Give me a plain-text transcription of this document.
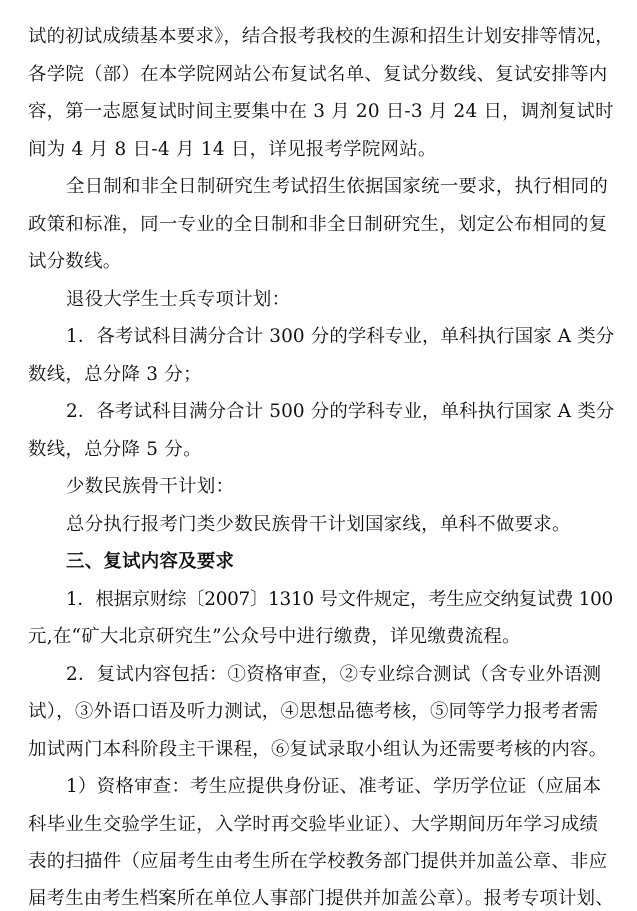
试的初试成绩基本要求》，结合报考我校的生源和招生计划安排等情况，
各学院（部）在本学院网站公布复试名单、复试分数线、复试安排等内
容，第一志愿复试时间主要集中在 3 月 20 日-3 月 24 日，调剂复试时
间为 4 月 8 日-4 月 14 日，详见报考学院网站。
全日制和非全日制研究生考试招生依据国家统一要求，执行相同的
政策和标准，同一专业的全日制和非全日制研究生，划定公布相同的复
试分数线。
退役大学生士兵专项计划：
1．各考试科目满分合计 300 分的学科专业，单科执行国家 A 类分
数线，总分降 3 分；
2．各考试科目满分合计 500 分的学科专业，单科执行国家 A 类分
数线，总分降 5 分。
少数民族骨干计划：
总分执行报考门类少数民族骨干计划国家线，单科不做要求。
三、复试内容及要求
1．根据京财综〔2007〕1310 号文件规定，考生应交纳复试费 100
元,在“矿大北京研究生”公众号中进行缴费，详见缴费流程。
2．复试内容包括：①资格审查，②专业综合测试（含专业外语测
试），③外语口语及听力测试，④思想品德考核，⑤同等学力报考者需
加试两门本科阶段主干课程，⑥复试录取小组认为还需要考核的内容。
1）资格审查：考生应提供身份证、准考证、学历学位证（应届本
科毕业生交验学生证，入学时再交验毕业证）、大学期间历年学习成绩
表的扫描件（应届考生由考生所在学校教务部门提供并加盖公章、非应
届考生由考生档案所在单位人事部门提供并加盖公章）。报考专项计划、
